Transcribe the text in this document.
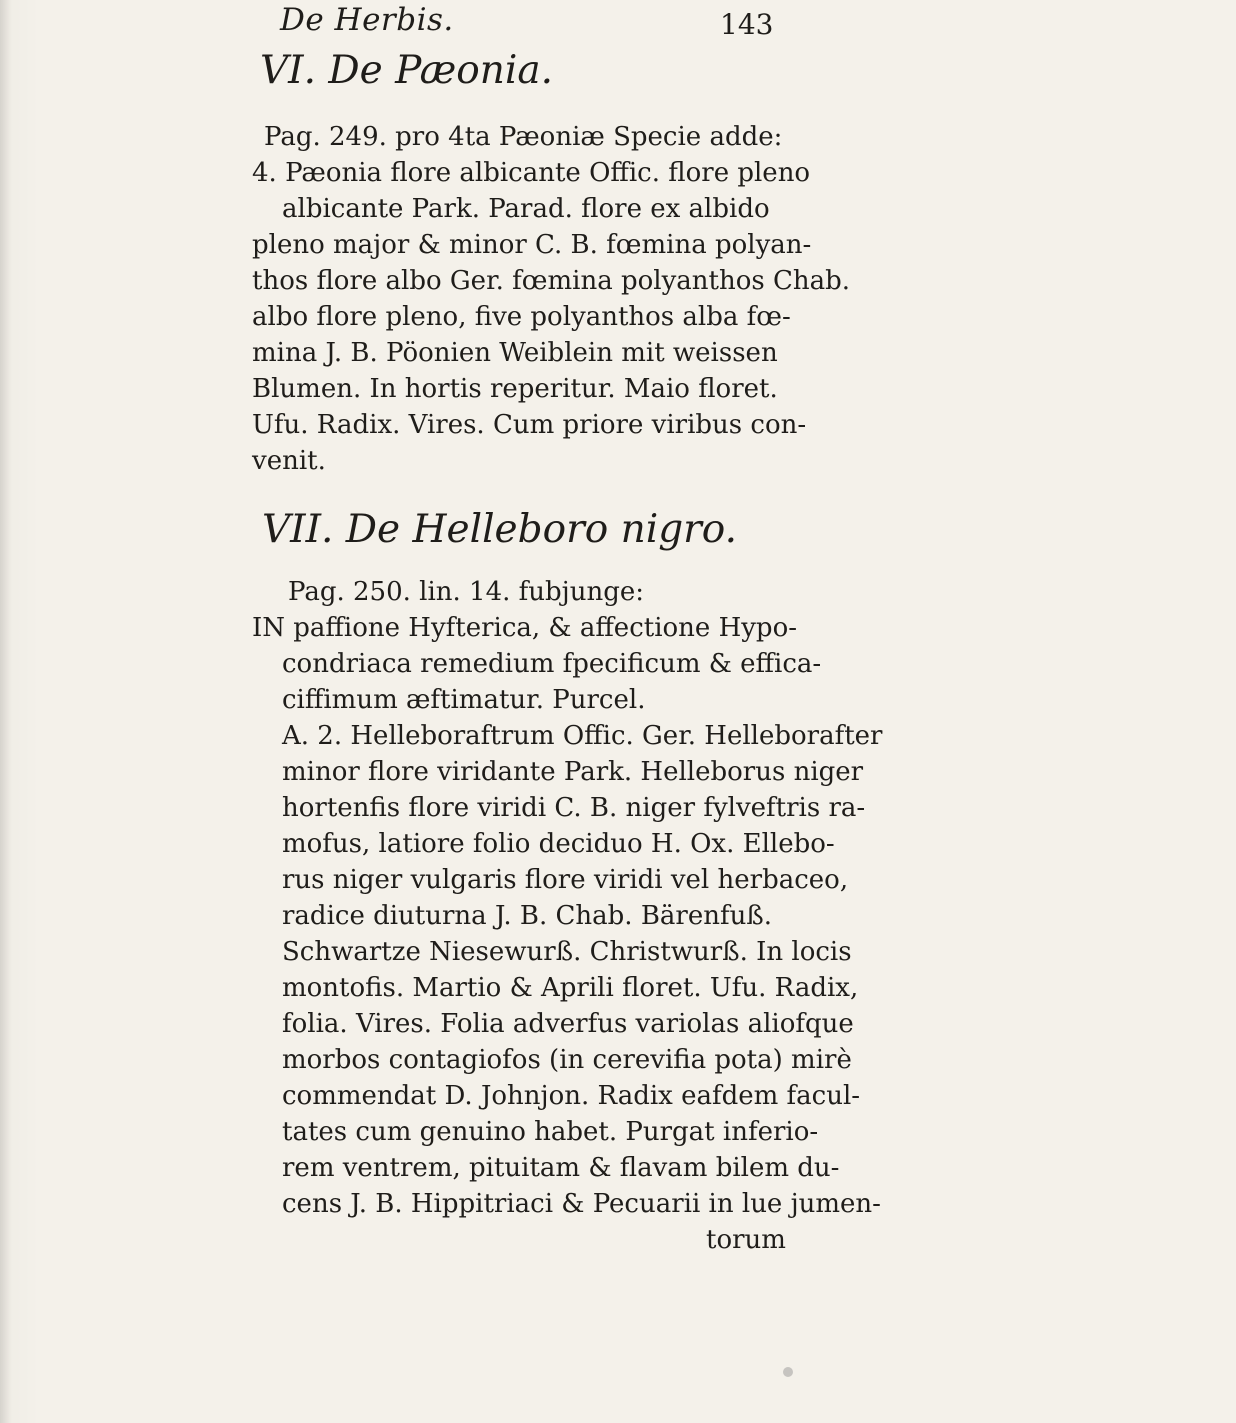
De Herbis.	143
VI. De Pæonia.
Pag. 249. pro 4ta Pæoniæ Specie adde:
4. Pæonia flore albicante Offic. flore pleno
albicante Park. Parad. flore ex albido
pleno major & minor C. B. fœmina polyan-
thos flore albo Ger. fœmina polyanthos Chab.
albo flore pleno, five polyanthos alba fœ-
mina J. B. Pöonien Weiblein mit weissen
Blumen. In hortis reperitur. Maio floret.
Ufu. Radix. Vires. Cum priore viribus con-
venit.
VII. De Helleboro nigro.
Pag. 250. lin. 14. fubjunge:
IN paffione Hyfterica, & affectione Hypo-
condriaca remedium fpecificum & effica-
ciffimum æftimatur. Purcel.
A. 2. Helleboraftrum Offic. Ger. Helleborafter
minor flore viridante Park. Helleborus niger
hortenfis flore viridi C. B. niger fylveftris ra-
mofus, latiore folio deciduo H. Ox. Ellebo-
rus niger vulgaris flore viridi vel herbaceo,
radice diuturna J. B. Chab. Bärenfuß.
Schwartze Niesewurß. Christwurß. In locis
montofis. Martio & Aprili floret. Ufu. Radix,
folia. Vires. Folia adverfus variolas aliofque
morbos contagiofos (in cerevifia pota) mirè
commendat D. Johnjon. Radix eafdem facul-
tates cum genuino habet. Purgat inferio-
rem ventrem, pituitam & flavam bilem du-
cens J. B. Hippitriaci & Pecuarii in lue jumen-
torum
